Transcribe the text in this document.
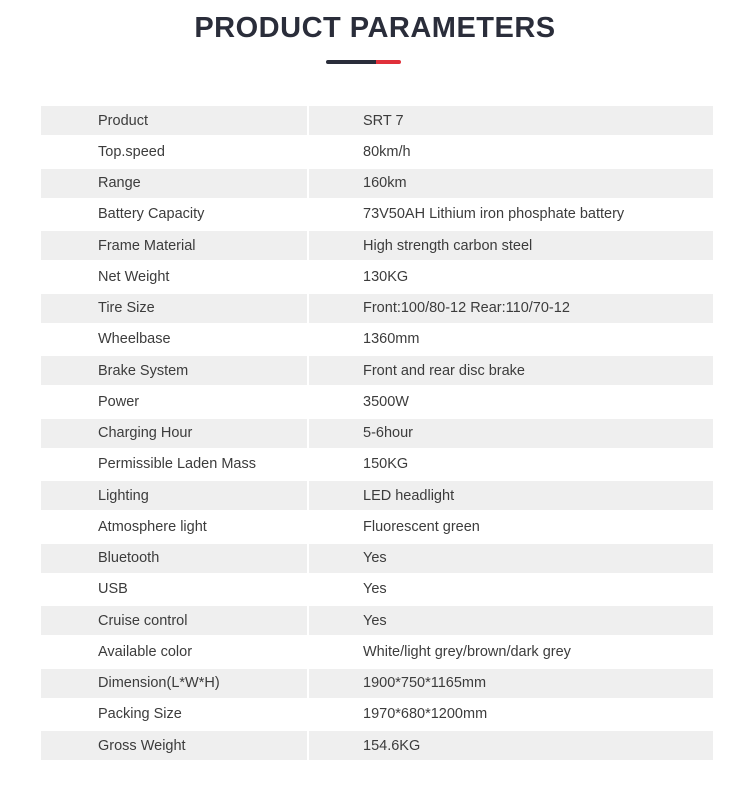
PRODUCT PARAMETERS
Product	SRT 7
Top.speed	80km/h
Range	160km
Battery Capacity	73V50AH Lithium iron phosphate battery
Frame Material	High strength carbon steel
Net Weight	130KG
Tire Size	Front:100/80-12 Rear:110/70-12
Wheelbase	1360mm
Brake System	Front and rear disc brake
Power	3500W
Charging Hour	5-6hour
Permissible Laden Mass	150KG
Lighting	LED headlight
Atmosphere light	Fluorescent green
Bluetooth	Yes
USB	Yes
Cruise control	Yes
Available color	White/light grey/brown/dark grey
Dimension(L*W*H)	1900*750*1165mm
Packing Size	1970*680*1200mm
Gross Weight	154.6KG
